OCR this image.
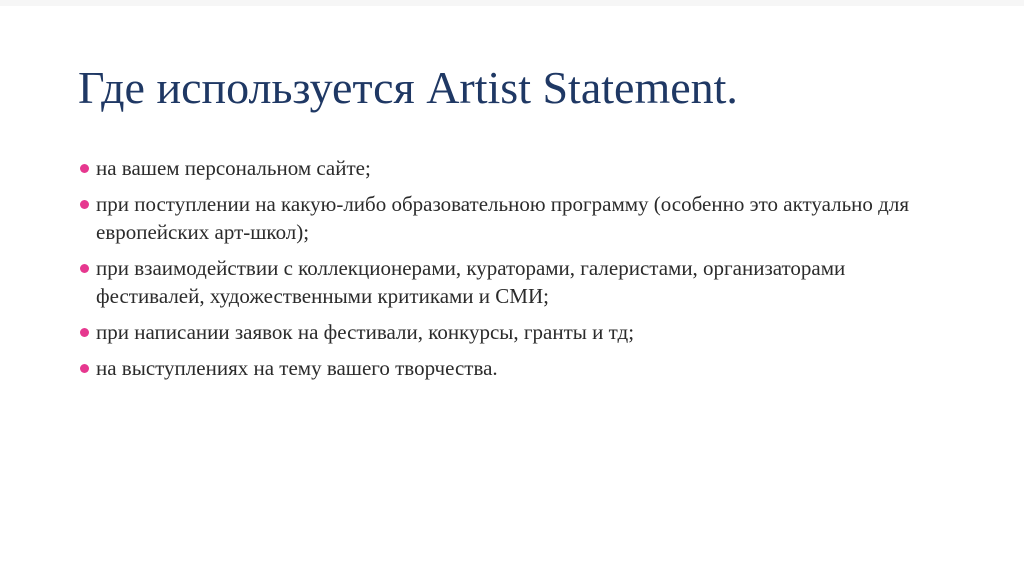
Где используется Artist Statement.
на вашем персональном сайте;
при поступлении на какую-либо образовательною программу (особенно это актуально для европейских арт-школ);
при взаимодействии с коллекционерами, кураторами, галеристами, организаторами фестивалей, художественными критиками и СМИ;
при написании заявок на фестивали, конкурсы, гранты и тд;
на выступлениях на тему вашего творчества.
